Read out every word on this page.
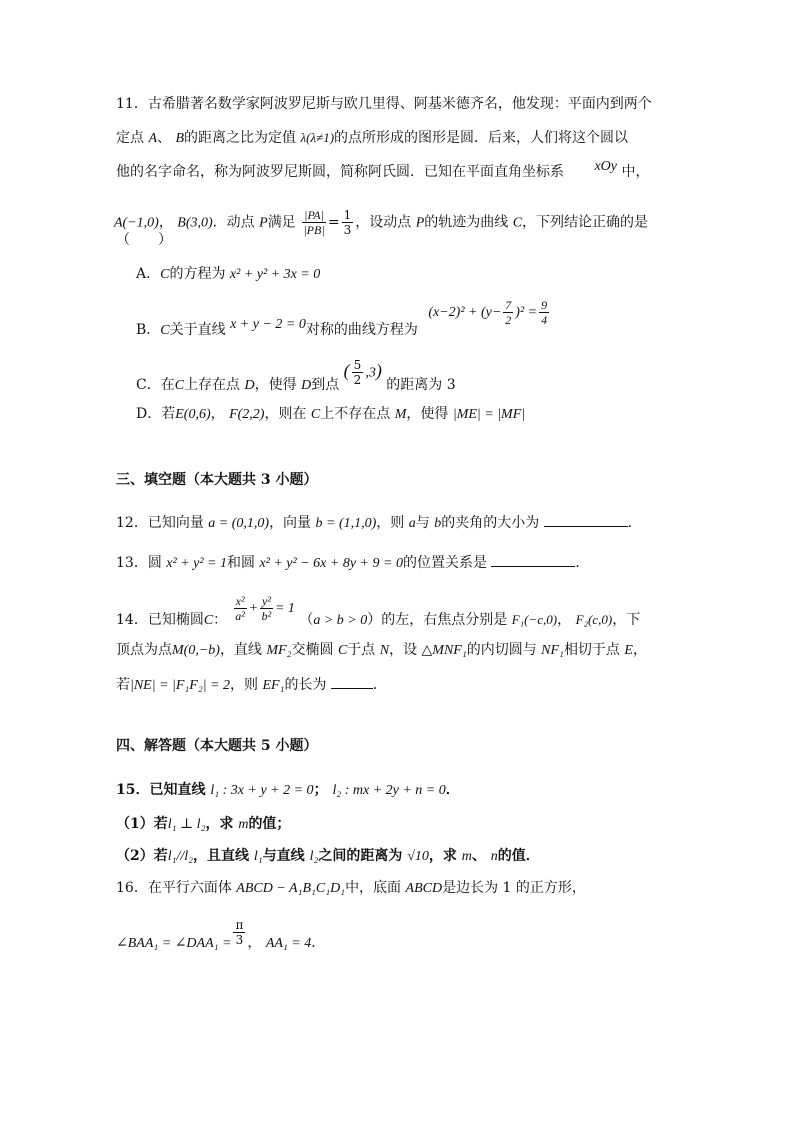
11．古希腊著名数学家阿波罗尼斯与欧几里得、阿基米德齐名，他发现：平面内到两个
定点 A、 B的距离之比为定值 λ(λ≠1)的点所形成的图形是圆．后来，人们将这个圆以
他的名字命名，称为阿波罗尼斯圆，简称阿氏圆．已知在平面直角坐标系 xOy 中，
A(−1,0)， B(3,0)．动点 P满足 $\frac{|PA|}{|PB|} = \frac{1}{3}$ ，设动点 P的轨迹为曲线 C，下列结论正确的是
（　　）
A．C的方程为 x² + y² + 3x = 0
B．C关于直线 x + y − 2 = 0对称的曲线方程为 $(x-2)^2 + (y- \frac{7}{2} )^2 = \frac{9}{4}$
C．在C上存在点 D，使得 D到点 ( $\frac{5}{2} ,3$) 的距离为 3
D．若E(0,6)， F(2,2)，则在 C上不存在点 M，使得 |ME| = |MF|
三、填空题（本大题共 3 小题）
12．已知向量 a = (0,1,0)，向量 b = (1,1,0)，则 a与 b的夹角的大小为	．
13．圆 x² + y² = 1和圆 x² + y² − 6x + 8y + 9 = 0的位置关系是	．
14．已知椭圆C： $\frac{\text{x²}}{\text{a²}} + \frac{\text{y²}}{\text{b²}} = 1$ （a > b > 0）的左，右焦点分别是 F₁(−c,0)， F₂(c,0)，下
顶点为点M(0,−b)，直线 MF₂交椭圆 C于点 N，设 △MNF₁的内切圆与 NF₁相切于点 E，
若|NE| = |F₁F₂| = 2，则 EF₁的长为	．
四、解答题（本大题共 5 小题）
15．已知直线 l₁ : 3x + y + 2 = 0； l₂ : mx + 2y + n = 0．
（1）若l₁ ⊥ l₂，求 m的值；
（2）若l₁//l₂，且直线 l₁与直线 l₂之间的距离为 √10，求 m、 n的值．
16．在平行六面体 ABCD − A₁B₁C₁D₁中，底面 ABCD是边长为 1 的正方形，
∠BAA₁ = ∠DAA₁ = $\frac{\pi}{3}$ ， AA₁ = 4．
